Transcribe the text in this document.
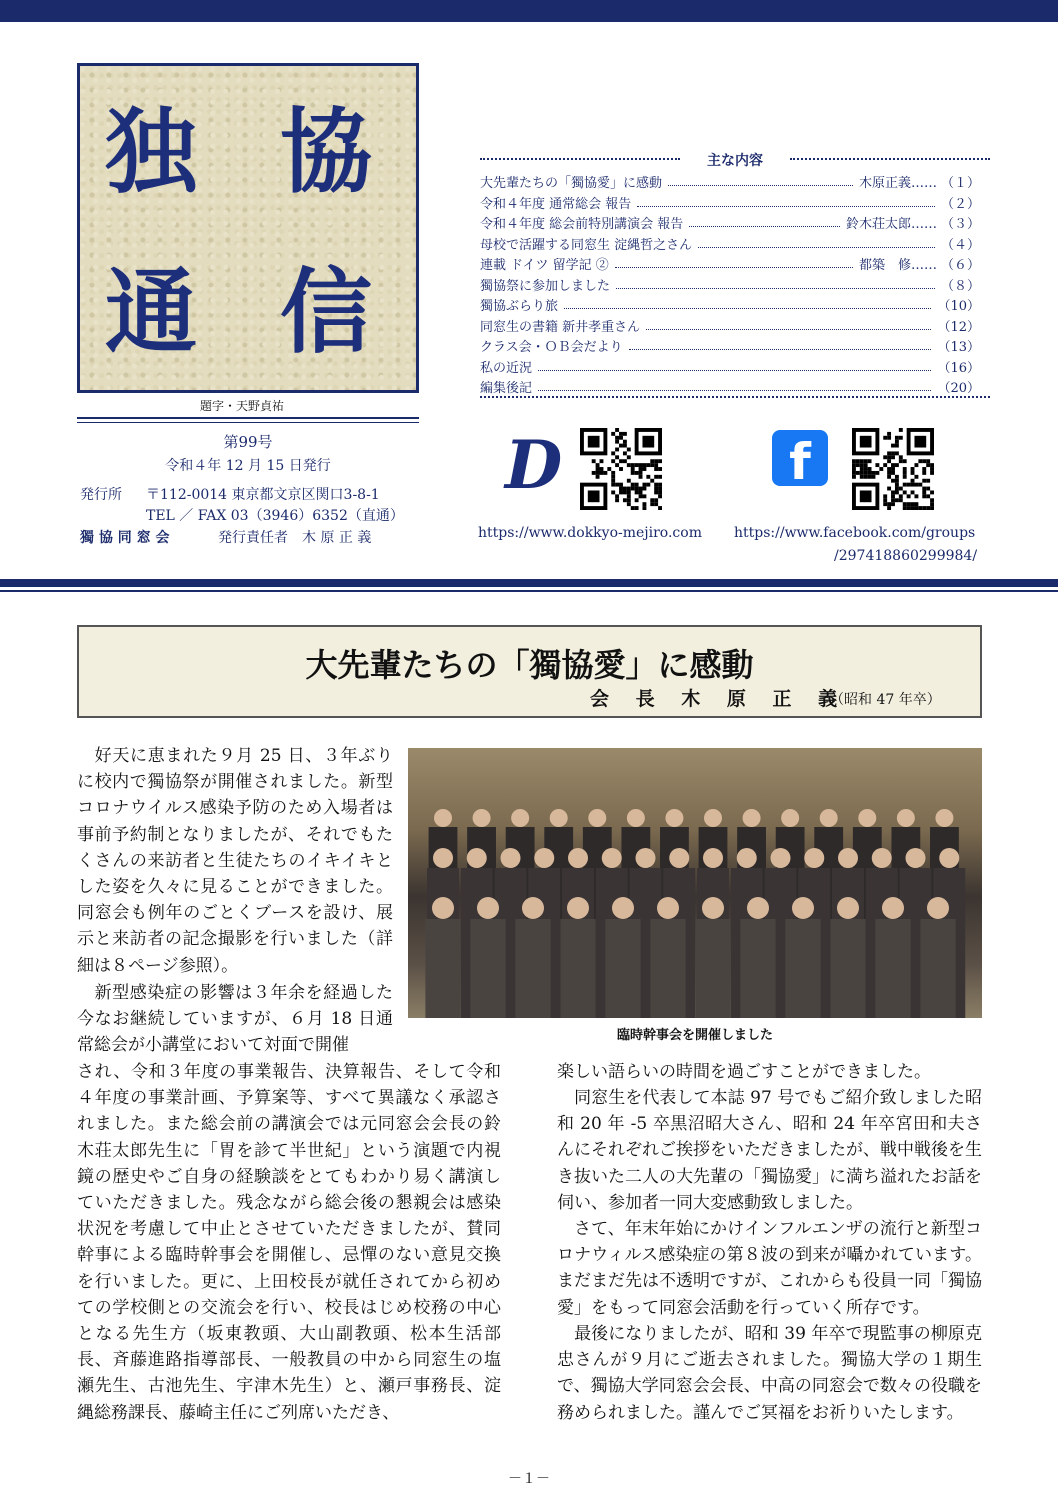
独 協
通 信
題字・天野貞祐
第99号
令和４年 12 月 15 日発行
発行所 〒112-0014 東京都文京区関口3-8-1
TEL ／ FAX 03（3946）6352（直通）
獨 協 同 窓 会	発行責任者　木 原 正 義
主な内容
大先輩たちの「獨協愛」に感動	木原正義…… （１）
令和４年度 通常総会 報告	（２）
令和４年度 総会前特別講演会 報告	鈴木荘太郎…… （３）
母校で活躍する同窓生 淀縄哲之さん	（４）
連載 ドイツ 留学記 ②	都築　修…… （６）
獨協祭に参加しました	（８）
獨協ぶらり旅	（10）
同窓生の書籍 新井孝重さん	（12）
クラス会・ＯＢ会だより	（13）
私の近況	（16）
編集後記	（20）
D	f
https://www.dokkyo-mejiro.com https://www.facebook.com/groups
/297418860299984/
大先輩たちの「獨協愛」に感動
会 長 木 原 正 義
（昭和 47 年卒）
臨時幹事会を開催しました
　好天に恵まれた９月 25 日、３年ぶりに校内で獨協祭が開催されました。新型コロナウイルス感染予防のため入場者は事前予約制となりましたが、それでもたくさんの来訪者と生徒たちのイキイキとした姿を久々に見ることができました。同窓会も例年のごとくブースを設け、展示と来訪者の記念撮影を行いました（詳細は８ページ参照）。
　新型感染症の影響は３年余を経過した今なお継続していますが、６月 18 日通常総会が小講堂において対面で開催
され、令和３年度の事業報告、決算報告、そして令和４年度の事業計画、予算案等、すべて異議なく承認されました。また総会前の講演会では元同窓会会長の鈴木荘太郎先生に「胃を診て半世紀」という演題で内視鏡の歴史やご自身の経験談をとてもわかり易く講演していただきました。残念ながら総会後の懇親会は感染状況を考慮して中止とさせていただきましたが、賛同幹事による臨時幹事会を開催し、忌憚のない意見交換を行いました。更に、上田校長が就任されてから初めての学校側との交流会を行い、校長はじめ校務の中心となる先生方（坂東教頭、大山副教頭、松本生活部長、斉藤進路指導部長、一般教員の中から同窓生の塩瀬先生、古池先生、宇津木先生）と、瀬戸事務長、淀縄総務課長、藤崎主任にご列席いただき、
楽しい語らいの時間を過ごすことができました。
　同窓生を代表して本誌 97 号でもご紹介致しました昭和 20 年 -5 卒黒沼昭大さん、昭和 24 年卒宮田和夫さんにそれぞれご挨拶をいただきましたが、戦中戦後を生き抜いた二人の大先輩の「獨協愛」に満ち溢れたお話を伺い、参加者一同大変感動致しました。
　さて、年末年始にかけインフルエンザの流行と新型コロナウィルス感染症の第８波の到来が囁かれています。まだまだ先は不透明ですが、これからも役員一同「獨協愛」をもって同窓会活動を行っていく所存です。
　最後になりましたが、昭和 39 年卒で現監事の柳原克忠さんが９月にご逝去されました。獨協大学の１期生で、獨協大学同窓会会長、中高の同窓会で数々の役職を務められました。謹んでご冥福をお祈りいたします。
－１－
